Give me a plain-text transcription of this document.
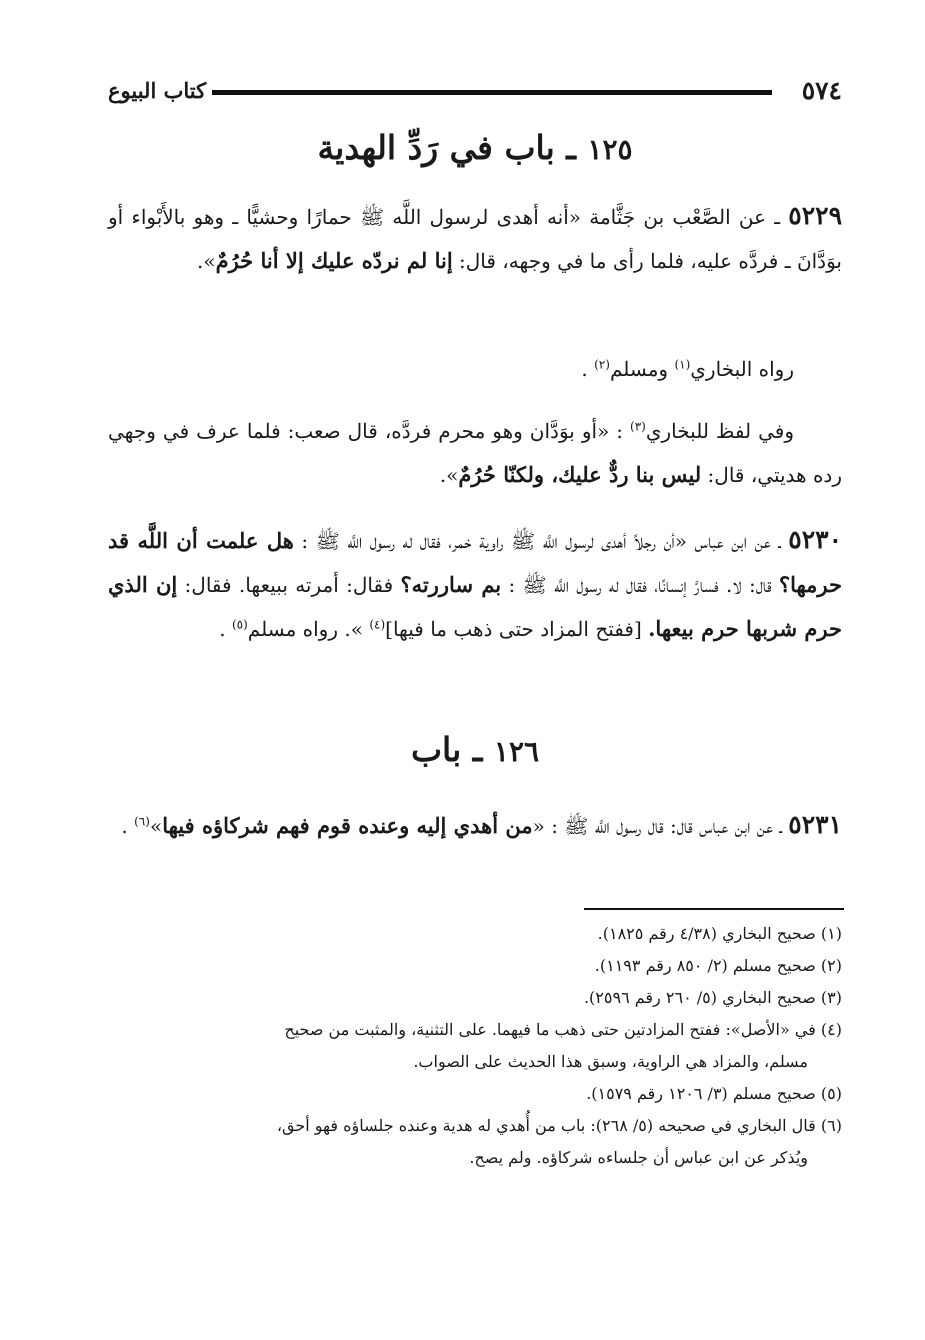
٥٧٤
كتاب البيوع
١٢٥ ـ باب في رَدِّ الهدية
٥٢٢٩ ـ عن الصَّعْب بن جَثَّامة «أنه أهدى لرسول اللَّه ﷺ حمارًا وحشيًّا ـ وهو بالأَبْواء أو بوَدَّانَ ـ فردَّه عليه، فلما رأى ما في وجهه، قال: إنا لم نردّه عليك إلا أنا حُرُمٌ».
رواه البخاري$^{(١)}$ ومسلم$^{(٢)}$ .
وفي لفظ للبخاري$^{(٣)}$ : «أو بوَدَّان وهو محرم فردَّه، قال صعب: فلما عرف في وجهي رده هديتي، قال: ليس بنا ردٌّ عليك، ولكنّا حُرُمٌ».
٥٢٣٠ ـ عن ابن عباس «أن رجلاً أهدى لرسول اللَّه ﷺ راوية خمر، فقال له رسول اللَّه ﷺ : هل علمت أن اللَّه قد حرمها؟ قال: لا. فسارَّ إنسانًا، فقال له رسول اللَّه ﷺ : بم ساررته؟ فقال: أمرته ببيعها. فقال: إن الذي حرم شربها حرم بيعها. [ففتح المزاد حتى ذهب ما فيها]$^{(٤)}$ ». رواه مسلم$^{(٥)}$ .
١٢٦ ـ باب
٥٢٣١ ـ عن ابن عباس قال: قال رسول اللَّه ﷺ : «من أهدي إليه وعنده قوم فهم شركاؤه فيها»$^{(٦)}$ .
(١) صحيح البخاري (٤/٣٨ رقم ١٨٢٥).
(٢) صحيح مسلم (٢/ ٨٥٠ رقم ١١٩٣).
(٣) صحيح البخاري (٥/ ٢٦٠ رقم ٢٥٩٦).
(٤) في «الأصل»: ففتح المزادتين حتى ذهب ما فيهما. على التثنية، والمثبت من صحيح
مسلم، والمزاد هي الراوية، وسبق هذا الحديث على الصواب.
(٥) صحيح مسلم (٣/ ١٢٠٦ رقم ١٥٧٩).
(٦) قال البخاري في صحيحه (٥/ ٢٦٨): باب من أُهدي له هدية وعنده جلساؤه فهو أحق،
ويُذكر عن ابن عباس أن جلساءه شركاؤه. ولم يصح.
